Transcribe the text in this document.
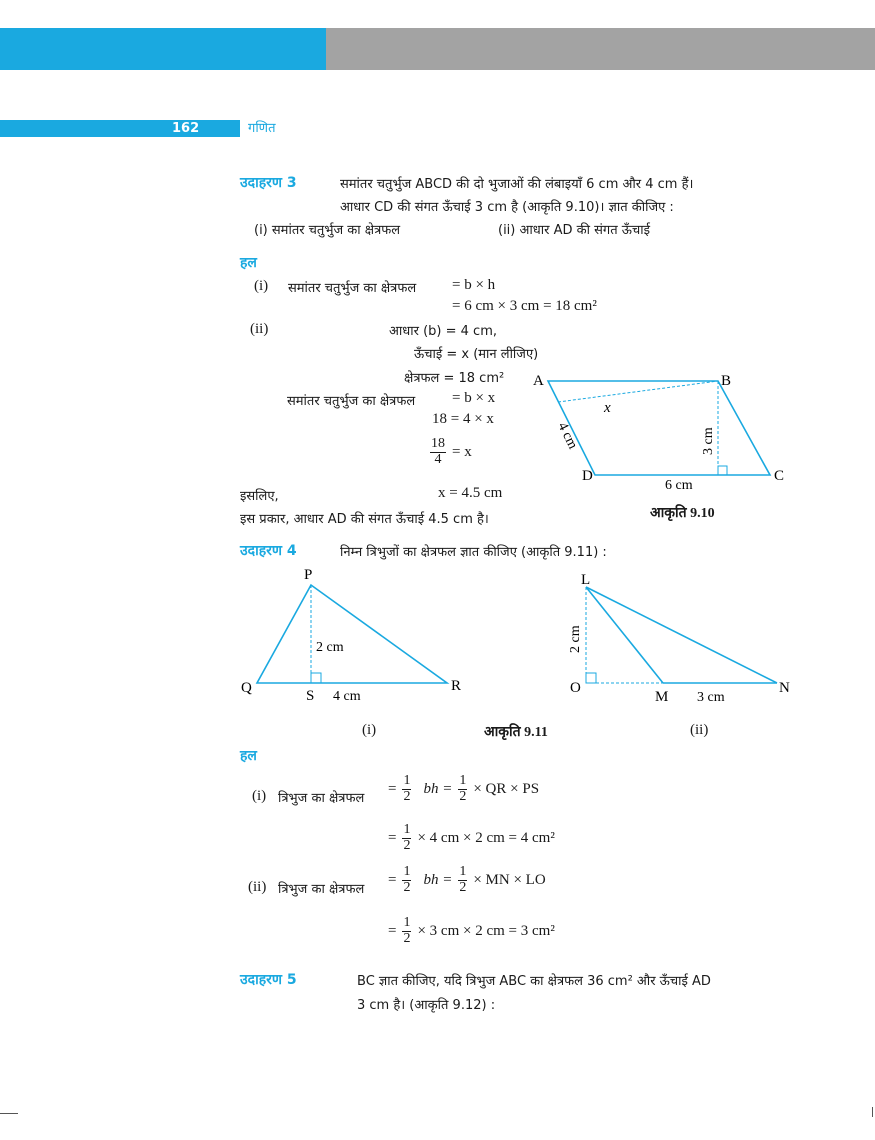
162	गणित
उदाहरण 3	समांतर चतुर्भुज ABCD की दो भुजाओं की लंबाइयाँ 6 cm और 4 cm हैं।
आधार CD की संगत ऊँचाई 3 cm है (आकृति 9.10)। ज्ञात कीजिए :
(i) समांतर चतुर्भुज का क्षेत्रफल	(ii) आधार AD की संगत ऊँचाई
हल
(i) समांतर चतुर्भुज का क्षेत्रफल = b × h
= 6 cm × 3 cm = 18 cm²
(ii)	आधार (b) = 4 cm,
ऊँचाई = x (मान लीजिए)
क्षेत्रफल = 18 cm²
समांतर चतुर्भुज का क्षेत्रफल = b × x
18 = 4 × x
$\frac{18}{4} = x$
इसलिए,	x = 4.5 cm
इस प्रकार, आधार AD की संगत ऊँचाई 4.5 cm है।
A	B
C
D
x
4 cm	3 cm
6 cm
आकृति 9.10
उदाहरण 4	निम्न त्रिभुजों का क्षेत्रफल ज्ञात कीजिए (आकृति 9.11) :
P
Q	R
S
2 cm
4 cm
L
O
M
N
2 cm
3 cm
(i)	आकृति 9.11	(ii)
हल
(i) त्रिभुज का क्षेत्रफल
= $\frac{1}{2}$ bh = $\frac{1}{2}$ × QR × PS
= $\frac{1}{2} \times 4$ cm × 2 cm = 4 cm²
(ii) त्रिभुज का क्षेत्रफल
= $\frac{1}{2}$ bh = $\frac{1}{2}$ × MN × LO
= $\frac{1}{2} \times 3$ cm × 2 cm = 3 cm²
उदाहरण 5	BC ज्ञात कीजिए, यदि त्रिभुज ABC का क्षेत्रफल 36 cm² और ऊँचाई AD
3 cm है। (आकृति 9.12) :
